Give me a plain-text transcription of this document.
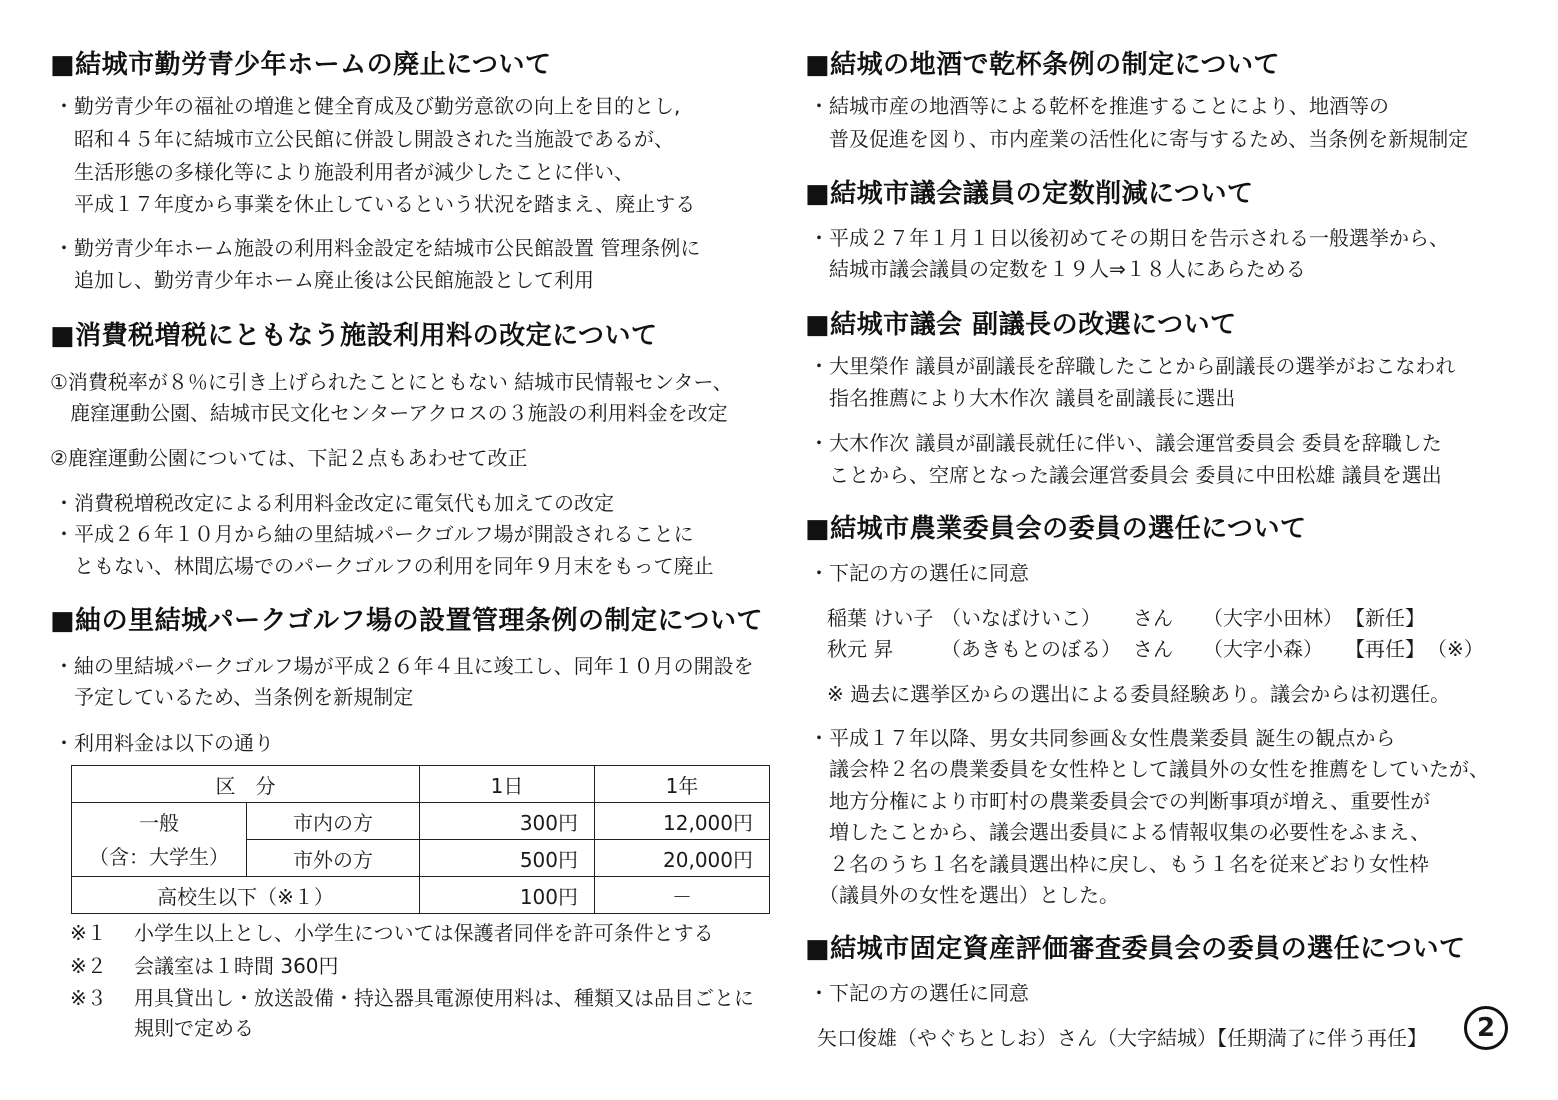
■結城市勤労青少年ホームの廃止について
・勤労青少年の福祉の増進と健全育成及び勤労意欲の向上を目的とし,
　昭和４５年に結城市立公民館に併設し開設された当施設であるが、
　生活形態の多様化等により施設利用者が減少したことに伴い、
　平成１７年度から事業を休止しているという状況を踏まえ、廃止する
・勤労青少年ホーム施設の利用料金設定を結城市公民館設置 管理条例に
　追加し、勤労青少年ホーム廃止後は公民館施設として利用
■消費税増税にともなう施設利用料の改定について
①消費税率が８％に引き上げられたことにともない 結城市民情報センター、
　鹿窪運動公園、結城市民文化センターアクロスの３施設の利用料金を改定
②鹿窪運動公園については、下記２点もあわせて改正
・消費税増税改定による利用料金改定に電気代も加えての改定
・平成２６年１０月から紬の里結城パークゴルフ場が開設されることに
　ともない、林間広場でのパークゴルフの利用を同年９月末をもって廃止
■紬の里結城パークゴルフ場の設置管理条例の制定について
・紬の里結城パークゴルフ場が平成２６年４且に竣工し、同年１０月の開設を
　予定しているため、当条例を新規制定
・利用料金は以下の通り
区　分		1日	1年

一般
（含：大学生）	市内の方	300円	12,000円
	市外の方	500円	20,000円
高校生以下（※１）		100円	－
※１ 小学生以上とし、小学生については保護者同伴を許可条件とする
※２ 会議室は１時間 360円
※３ 用具貸出し・放送設備・持込器具電源使用料は、種類又は品目ごとに
規則で定める
■結城の地酒で乾杯条例の制定について
・結城市産の地酒等による乾杯を推進することにより、地酒等の
　普及促進を図り、市内産業の活性化に寄与するため、当条例を新規制定
■結城市議会議員の定数削減について
・平成２７年１月１日以後初めてその期日を告示される一般選挙から、
　結城市議会議員の定数を１９人⇒１８人にあらためる
■結城市議会 副議長の改選について
・大里榮作 議員が副議長を辞職したことから副議長の選挙がおこなわれ
　指名推薦により大木作次 議員を副議長に選出
・大木作次 議員が副議長就任に伴い、議会運営委員会 委員を辞職した
　ことから、空席となった議会運営委員会 委員に中田松雄 議員を選出
■結城市農業委員会の委員の選任について
・下記の方の選任に同意
稲葉 けい子 （いなばけいこ） さん （大字小田林） 【新任】
秋元 昇 （あきもとのぼる） さん （大字小森） 【再任】 （※）
※ 過去に選挙区からの選出による委員経験あり。議会からは初選任。
・平成１７年以降、男女共同参画＆女性農業委員 誕生の観点から
　議会枠２名の農業委員を女性枠として議員外の女性を推薦をしていたが、
　地方分権により市町村の農業委員会での判断事項が増え、重要性が
　増したことから、議会選出委員による情報収集の必要性をふまえ、
　２名のうち１名を議員選出枠に戻し、もう１名を従来どおり女性枠
　（議員外の女性を選出）とした。
■結城市固定資産評価審査委員会の委員の選任について
・下記の方の選任に同意
矢口俊雄（やぐちとしお）さん（大字結城）【任期満了に伴う再任】	2
